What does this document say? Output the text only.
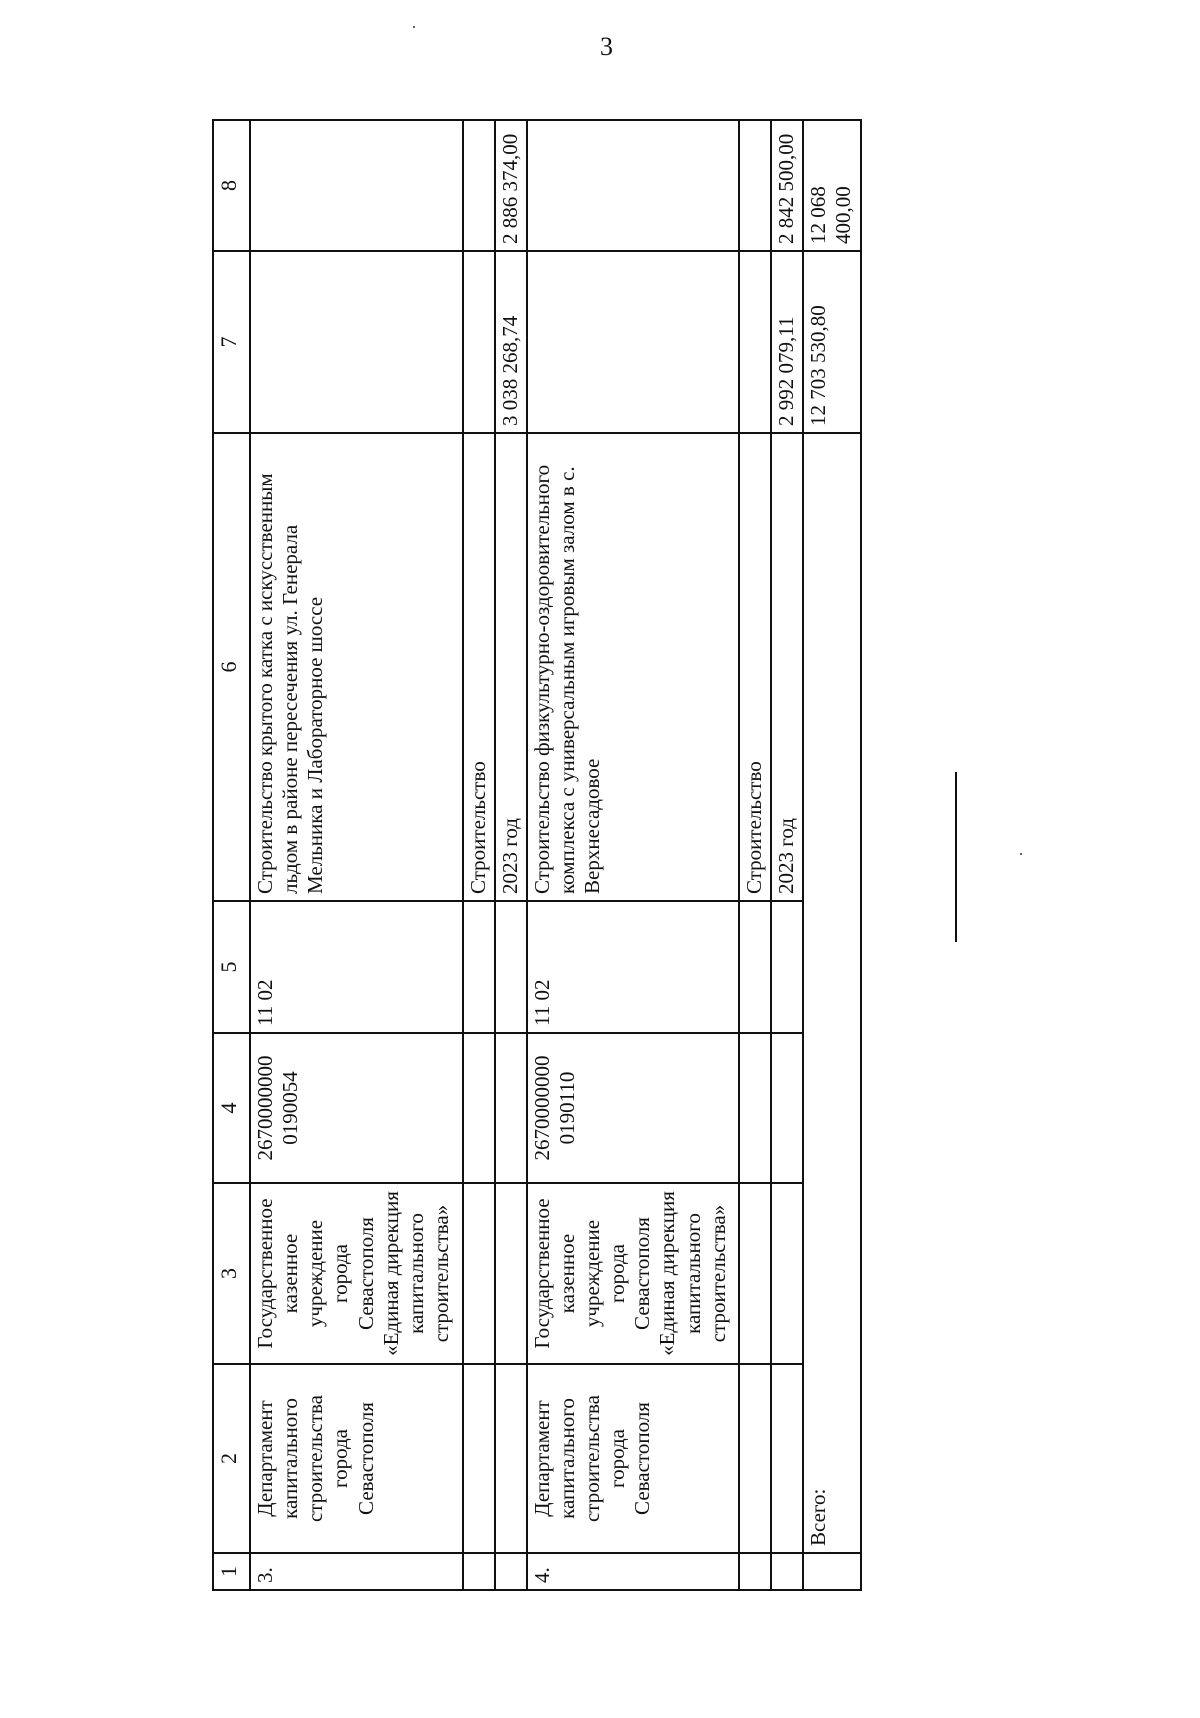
3
1	2	3	4	5	6	7	8
3.	Департамент капитального строительства города Севастополя	Государственное казенное учреждение города Севастополя «Единая дирекция капитального строительства»	2670000000 0190054	11 02	Строительство крытого катка с искусственным льдом в районе пересечения ул. Генерала Мельника и Лабораторное шоссе		
					Строительство		
					2023 год	3 038 268,74	2 886 374,00
4.	Департамент капитального строительства города Севастополя	Государственное казенное учреждение города Севастополя «Единая дирекция капитального строительства»	2670000000 0190110	11 02	Строительство физкультурно-оздоровительного комплекса с универсальным игровым залом в с. Верхнесадовое		
					Строительство		
					2023 год	2 992 079,11	2 842 500,00
	Всего:					12 703 530,80	12 068 400,00
